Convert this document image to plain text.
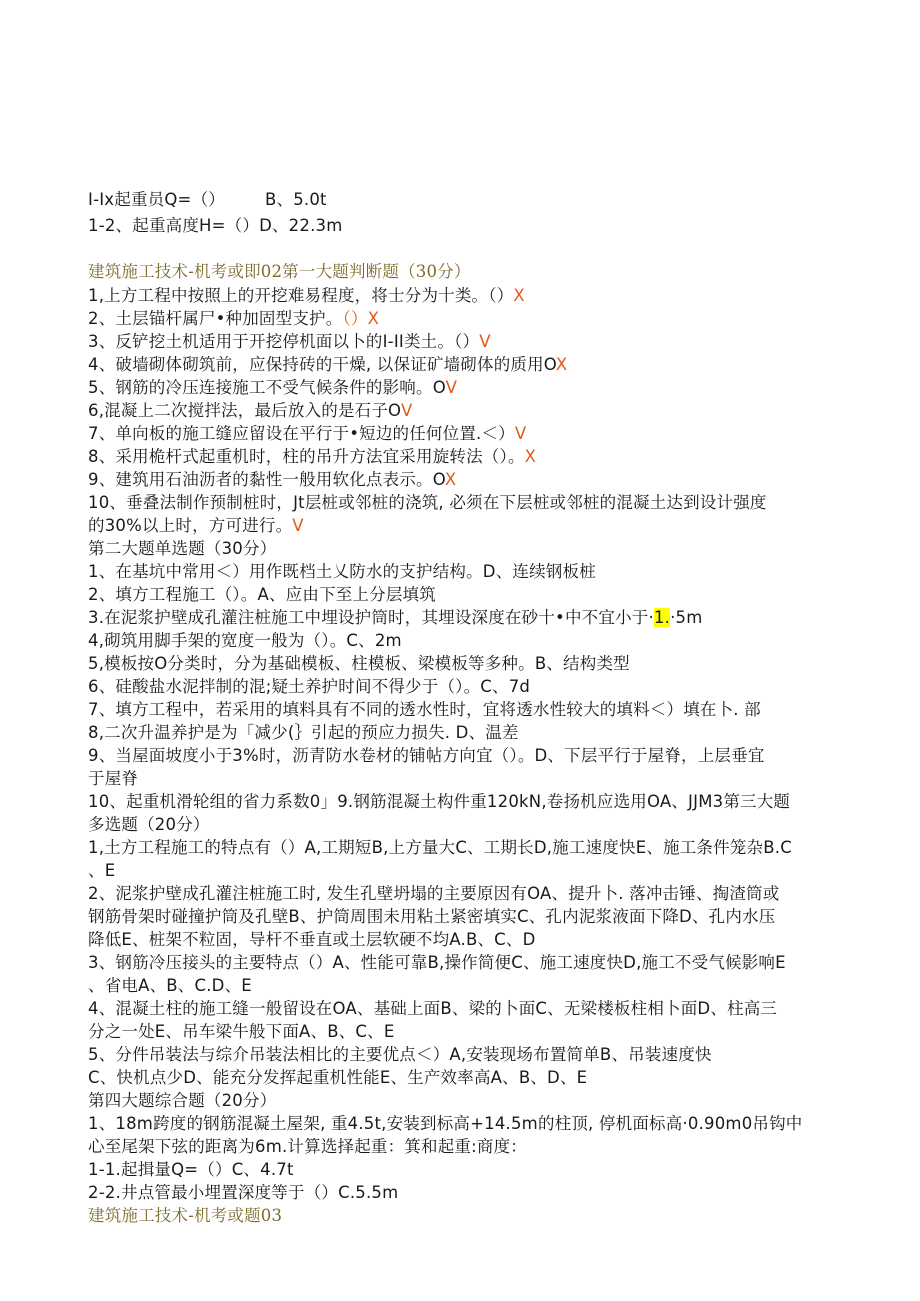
I-Ix起重员Q=（） B、5.0t
1-2、起重高度H=（）D、22.3m
建筑施工技术-机考或即02第一大题判断题（30分）
1,上方工程中按照上的开挖难易程度，将士分为十类。（）X
2、土层锚杆属尸•种加固型支护。（）X
3、反铲挖土机适用于开挖停机面以卜的I-II类土。（）V
4、破墙砌体砌筑前，应保持砖的干燥, 以保证矿墙砌体的质用OX
5、钢筋的冷压连接施工不受气候条件的影响。OV
6,混凝上二次搅拌法，最后放入的是石子OV
7、单向板的施工缝应留设在平行于•短边的任何位置.＜）V
8、采用桅杆式起重机时，柱的吊升方法宜采用旋转法（）。X
9、建筑用石油沥者的黏性一般用软化点表示。OX
10、垂叠法制作预制桩时，Jt层桩或邻桩的浇筑, 必须在下层桩或邻桩的混凝土达到设计强度
的30%以上时，方可进行。V
第二大题单选题（30分）
1、在基坑中常用＜）用作既档土乂防水的支护结构。D、连续钢板桩
2、填方工程施工（）。A、应由下至上分层填筑
3.在泥浆护壁成孔灌注桩施工中埋设护筒时，其埋设深度在砂十•中不宜小于·1.·5m
4,砌筑用脚手架的宽度一般为（）。C、2m
5,模板按O分类时，分为基础模板、柱模板、梁模板等多种。B、结构类型
6、硅酸盐水泥拌制的混;疑土养护时间不得少于（）。C、7d
7、填方工程中，若采用的填料具有不同的透水性时，宜将透水性较大的填料＜）填在卜. 部
8,二次升温养护是为「减少(｝引起的预应力损失. D、温差
9、当屋面坡度小于3%时，沥青防水卷材的铺帖方向宜（）。D、下层平行于屋脊，上层垂宜
于屋脊
10、起重机滑轮组的省力系数0」9.钢筋混凝土构件重120kN,卷扬机应选用OA、JJM3第三大题
多选题（20分）
1,土方工程施工的特点有（）A,工期短B,上方量大C、工期长D,施工速度快E、施工条件笼杂B.C
、E
2、泥浆护壁成孔灌注桩施工时, 发生孔壁坍塌的主要原因有OA、提升卜. 落冲击锤、掏渣筒或
钢筋骨架时碰撞护筒及孔壁B、护筒周围未用粘土紧密填实C、孔内泥浆液面下降D、孔内水压
降低E、桩架不粒固，导杆不垂直或土层软硬不均A.B、C、D
3、钢筋冷压接头的主要特点（）A、性能可靠B,操作简便C、施工速度快D,施工不受气候影响E
、省电A、B、C.D、E
4、混凝土柱的施工缝一般留设在OA、基础上面B、梁的卜面C、无梁楼板柱相卜面D、柱高三
分之一处E、吊车梁牛般下面A、B、C、E
5、分件吊装法与综介吊装法相比的主要优点＜）A,安装现场布置简单B、吊装速度快
C、快机点少D、能充分发挥起重机性能E、生产效率高A、B、D、E
第四大题综合题（20分）
1、18m跨度的钢筋混凝土屋架, 重4.5t,安装到标高+14.5m的柱顶, 停机面标高·0.90m0吊钩中
心至尾架下弦的距离为6m.计算选择起重：箕和起重:商度：
1-1.起揖量Q=（）C、4.7t
2-2.井点管最小埋置深度等于（）C.5.5m
建筑施工技术-机考或题03
